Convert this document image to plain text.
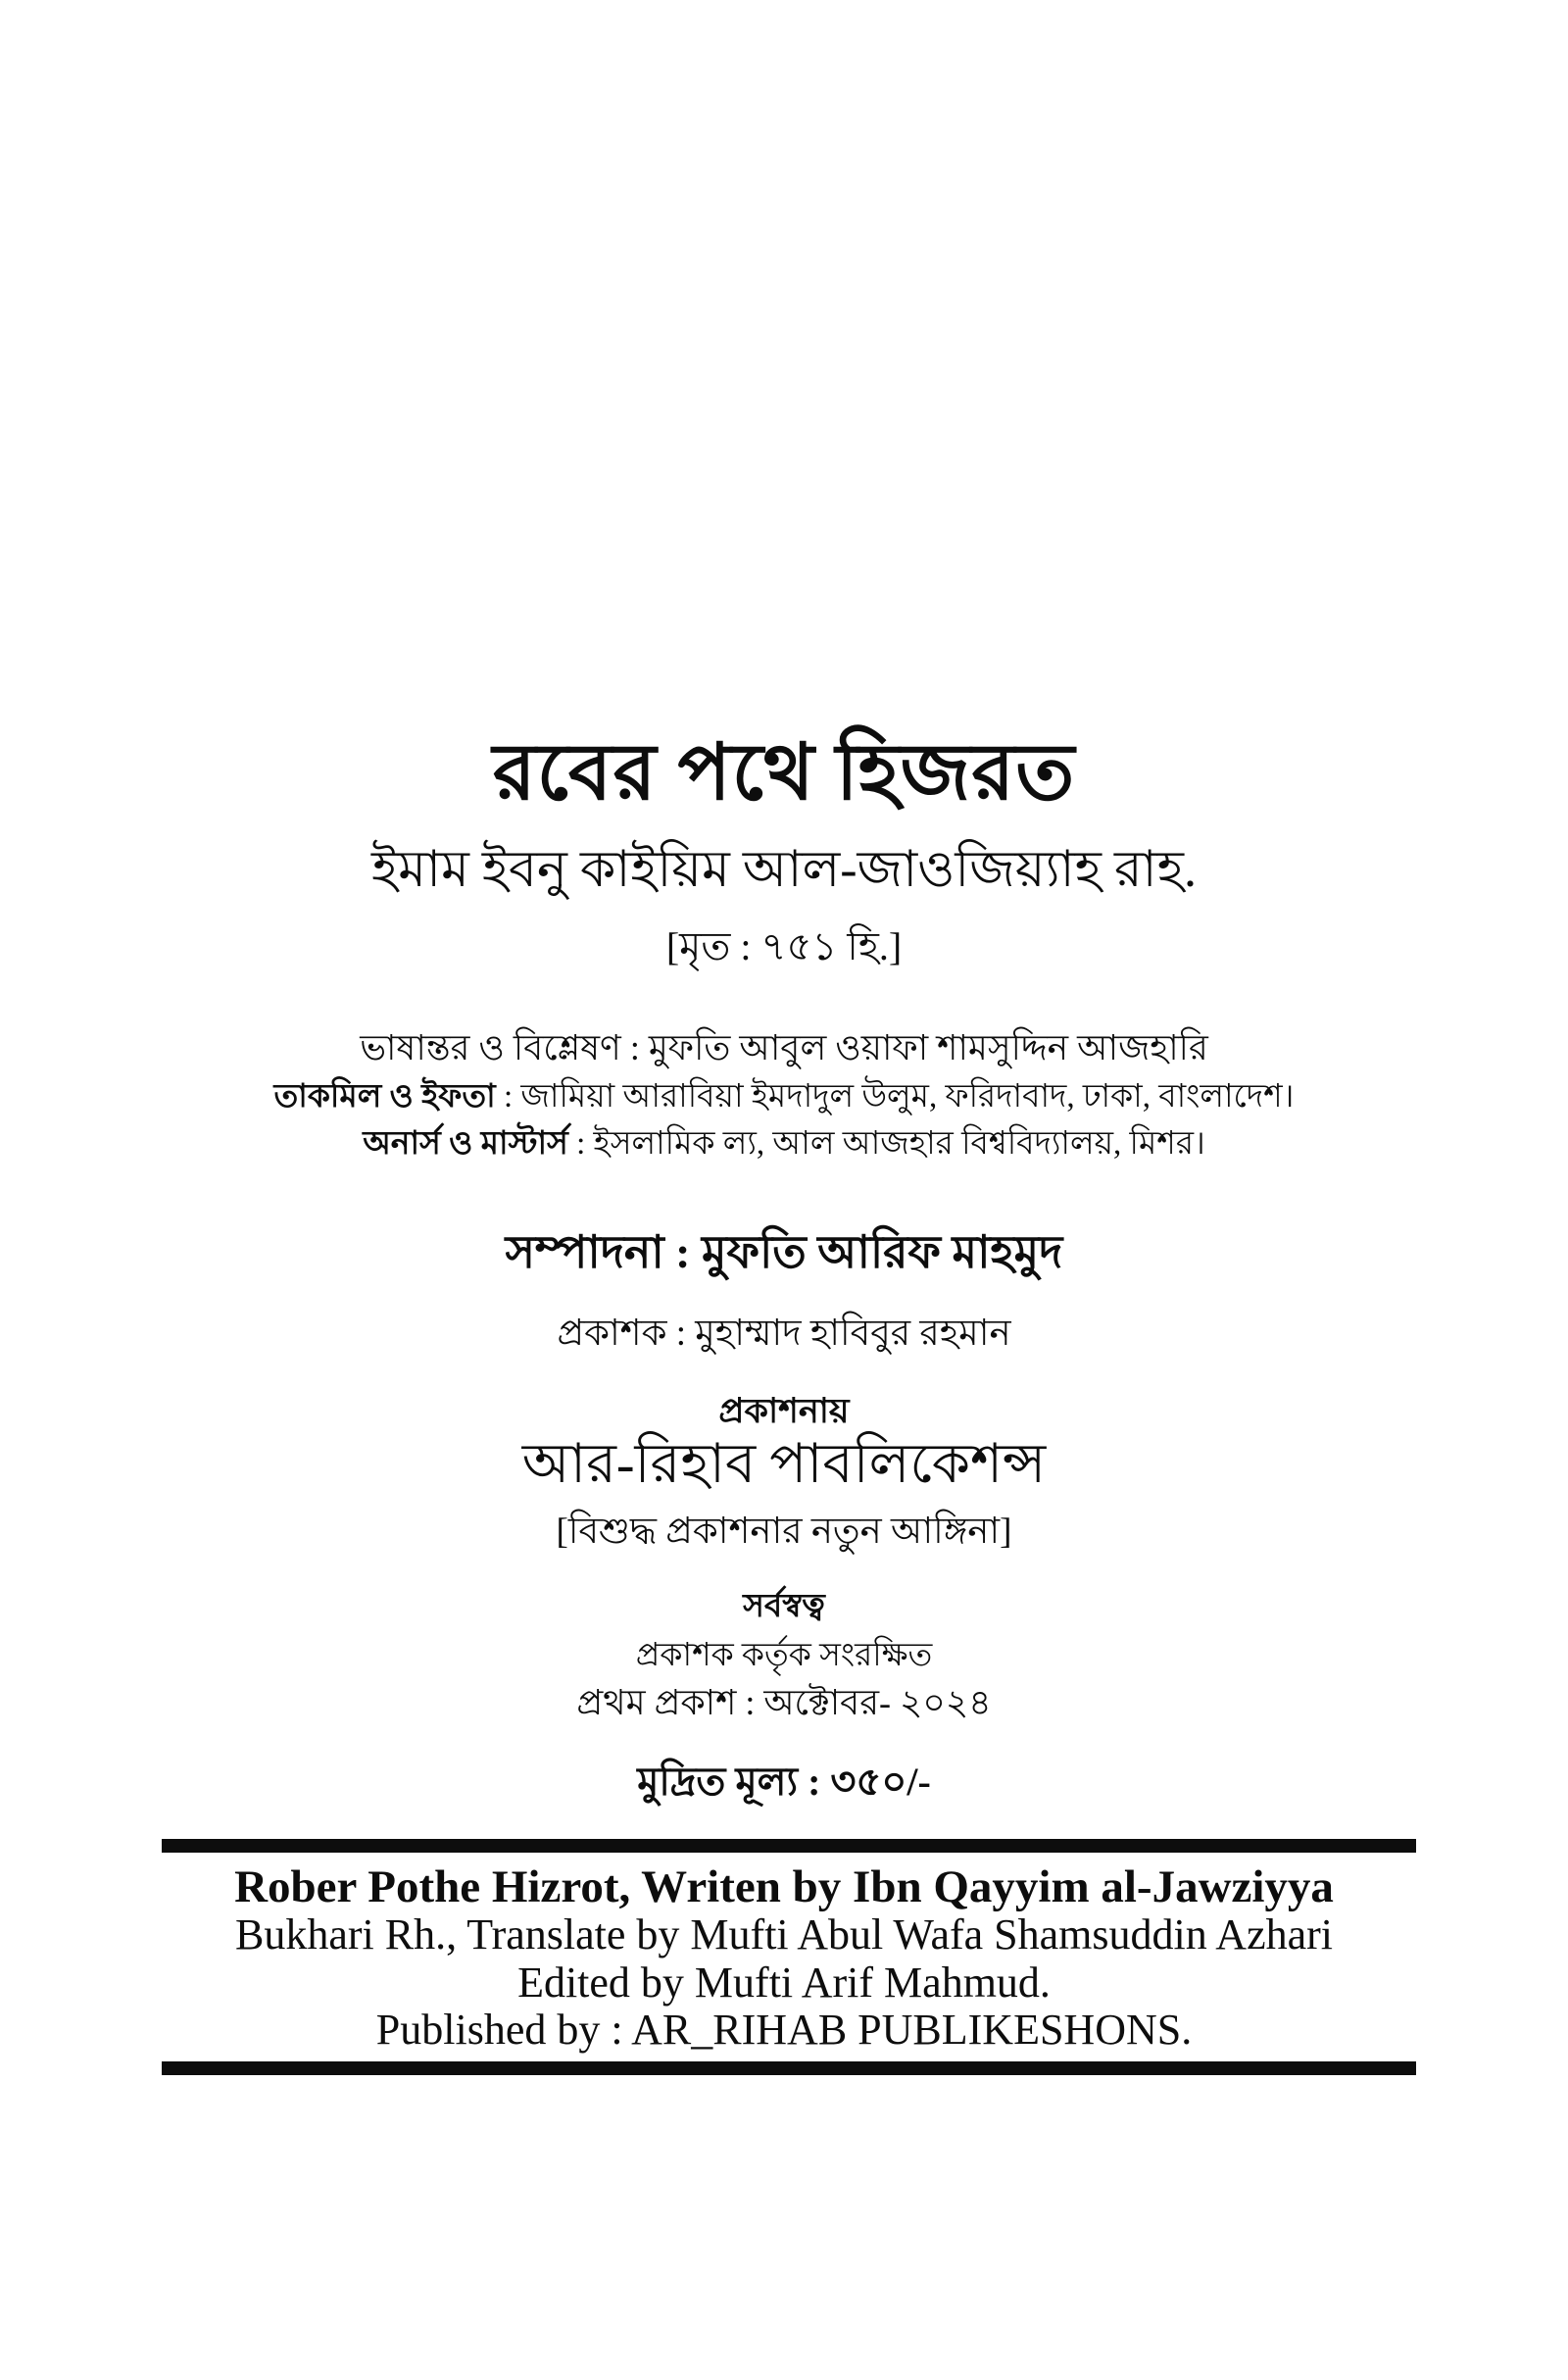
রবের পথে হিজরত
ইমাম ইবনু কাইয়িম আল-জাওজিয়্যাহ রাহ.
[মৃত : ৭৫১ হি.]
ভাষান্তর ও বিশ্লেষণ : মুফতি আবুল ওয়াফা শামসুদ্দিন আজহারি
তাকমিল ও ইফতা : জামিয়া আরাবিয়া ইমদাদুল উলুম, ফরিদাবাদ, ঢাকা, বাংলাদেশ।
অনার্স ও মাস্টার্স : ইসলামিক ল্য, আল আজহার বিশ্ববিদ্যালয়, মিশর।
সম্পাদনা : মুফতি আরিফ মাহমুদ
প্রকাশক : মুহাম্মাদ হাবিবুর রহমান
প্রকাশনায়
আর-রিহাব পাবলিকেশন্স
[বিশুদ্ধ প্রকাশনার নতুন আঙ্গিনা]
সর্বস্বত্ব
প্রকাশক কর্তৃক সংরক্ষিত
প্রথম প্রকাশ : অক্টোবর- ২০২৪
মুদ্রিত মূল্য : ৩৫০/-
Rober Pothe Hizrot, Writen by Ibn Qayyim al-Jawziyya
Bukhari Rh., Translate by Mufti Abul Wafa Shamsuddin Azhari
Edited by Mufti Arif Mahmud.
Published by : AR_RIHAB PUBLIKESHONS.
